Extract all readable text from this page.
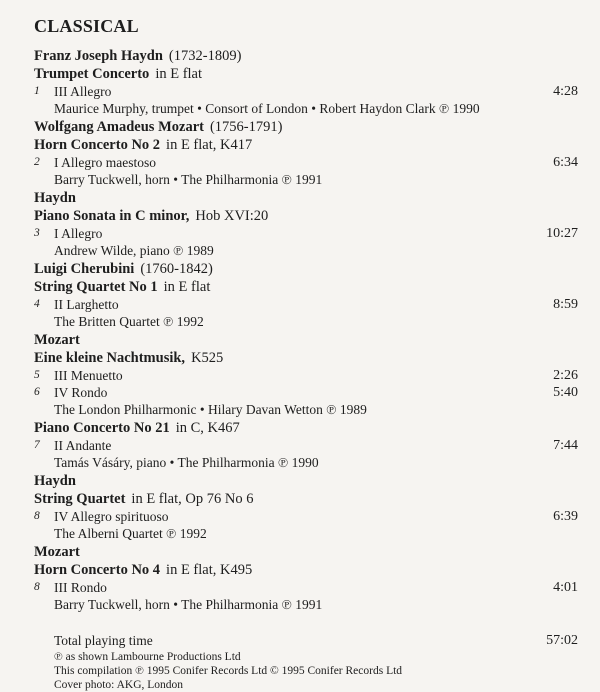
CLASSICAL
Franz Joseph Haydn (1732-1809)
Trumpet Concerto in E flat
1 III Allegro	4:28
Maurice Murphy, trumpet • Consort of London • Robert Haydon Clark ℗ 1990
Wolfgang Amadeus Mozart (1756-1791)
Horn Concerto No 2 in E flat, K417
2 I Allegro maestoso	6:34
Barry Tuckwell, horn • The Philharmonia ℗ 1991
Haydn
Piano Sonata in C minor, Hob XVI:20
3 I Allegro	10:27
Andrew Wilde, piano ℗ 1989
Luigi Cherubini (1760-1842)
String Quartet No 1 in E flat
4 II Larghetto	8:59
The Britten Quartet ℗ 1992
Mozart
Eine kleine Nachtmusik, K525
5 III Menuetto	2:26
6 IV Rondo	5:40
The London Philharmonic • Hilary Davan Wetton ℗ 1989
Piano Concerto No 21 in C, K467
7 II Andante	7:44
Tamás Vásáry, piano • The Philharmonia ℗ 1990
Haydn
String Quartet in E flat, Op 76 No 6
8 IV Allegro spirituoso	6:39
The Alberni Quartet ℗ 1992
Mozart
Horn Concerto No 4 in E flat, K495
8 III Rondo	4:01
Barry Tuckwell, horn • The Philharmonia ℗ 1991
Total playing time	57:02
℗ as shown Lambourne Productions Ltd
This compilation ℗ 1995 Conifer Records Ltd © 1995 Conifer Records Ltd
Cover photo: AKG, London
